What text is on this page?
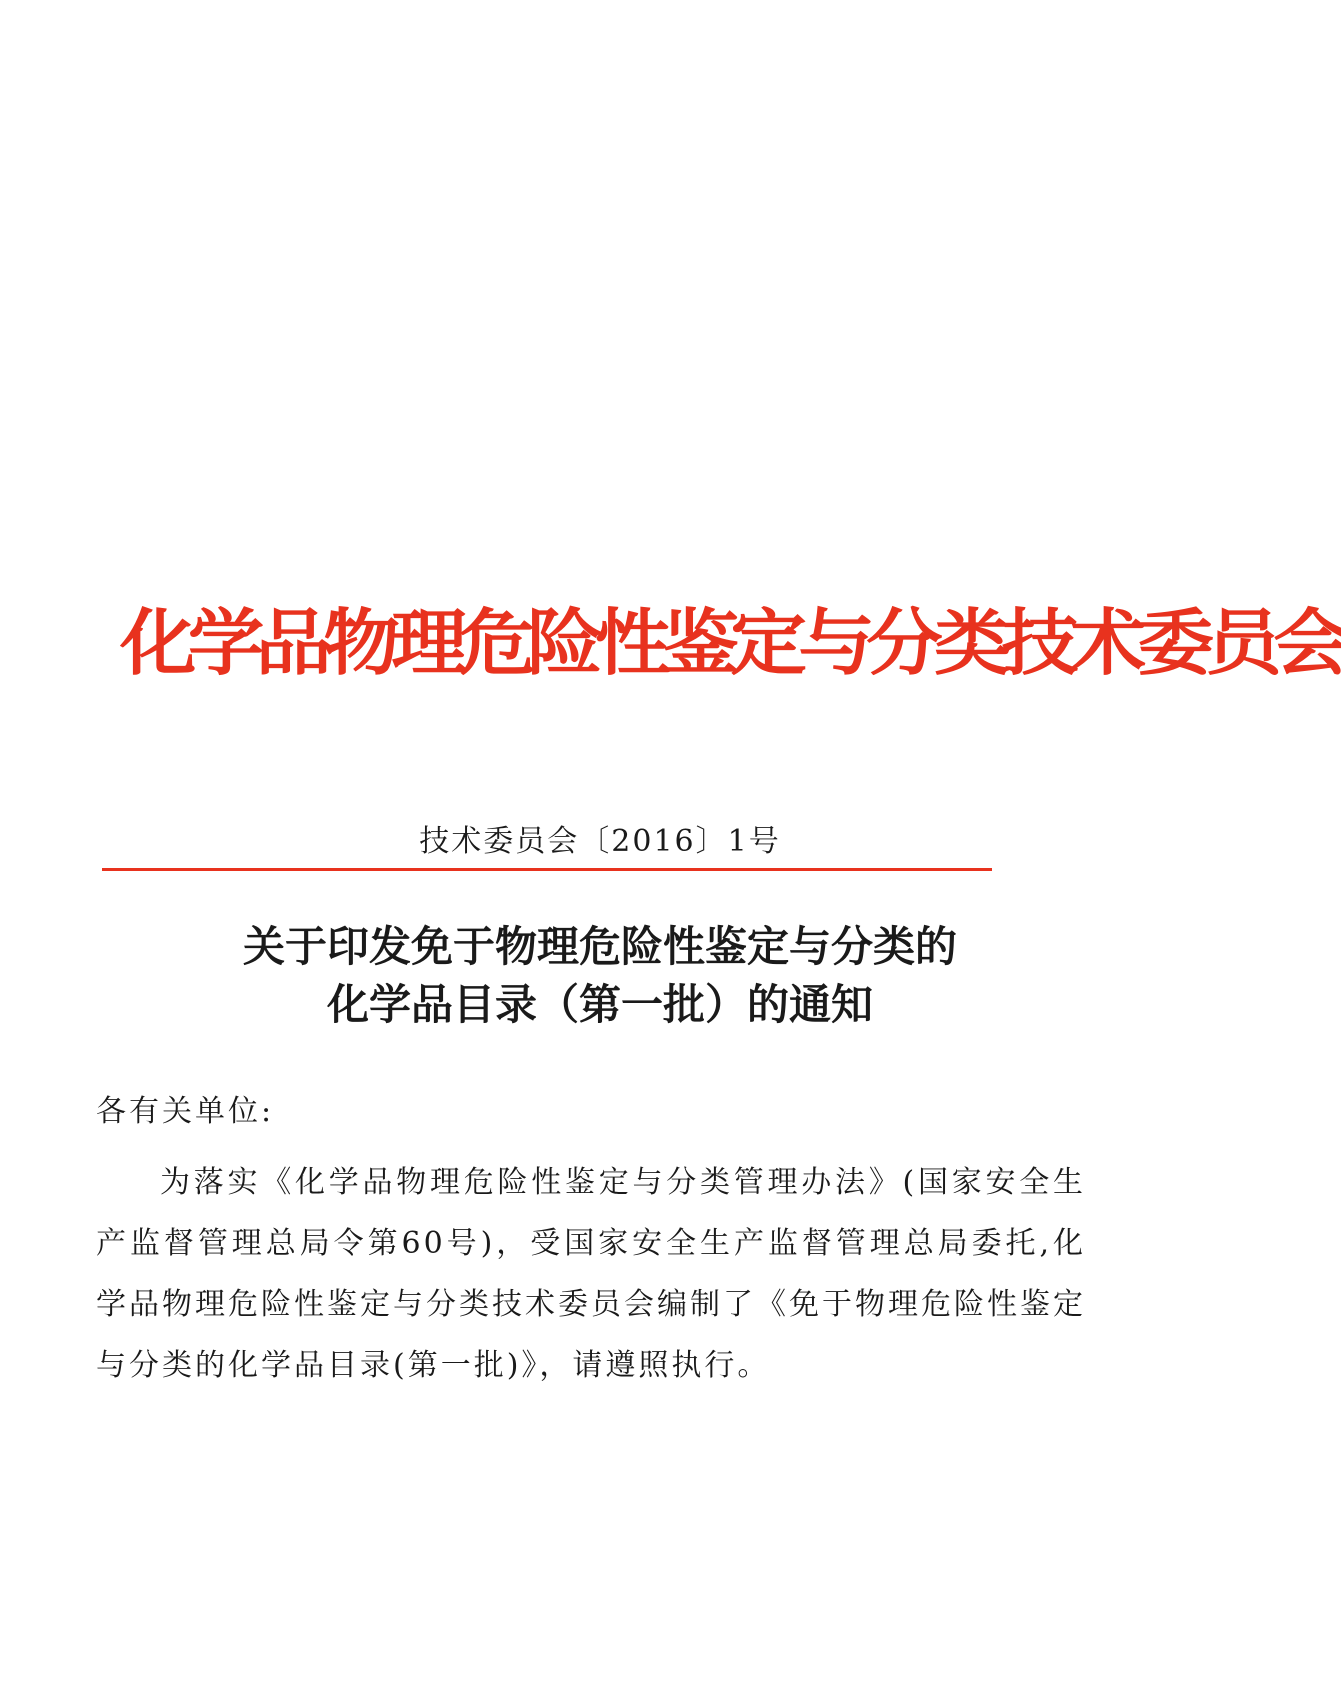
化学品物理危险性鉴定与分类技术委员会
技术委员会〔2016〕1号
关于印发免于物理危险性鉴定与分类的
化学品目录（第一批）的通知
各有关单位:

为落实《化学品物理危险性鉴定与分类管理办法》(国家安全生产监督管理总局令第60号)，受国家安全生产监督管理总局委托,化学品物理危险性鉴定与分类技术委员会编制了《免于物理危险性鉴定与分类的化学品目录(第一批)》，请遵照执行。
